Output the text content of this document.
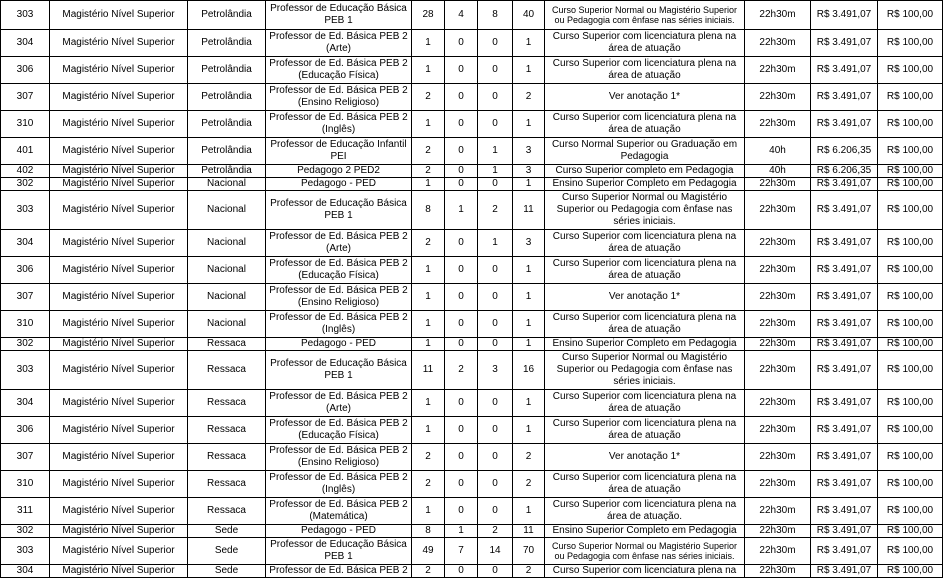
303	Magistério Nível Superior	Petrolândia	Professor de Educação Básica PEB 1	28	4	8	40	Curso Superior Normal ou Magistério Superior ou Pedagogia com ênfase nas séries iniciais.	22h30m	R$ 3.491,07	R$ 100,00
304	Magistério Nível Superior	Petrolândia	Professor de Ed. Básica PEB 2 (Arte)	1	0	0	1	Curso Superior com licenciatura plena na área de atuação	22h30m	R$ 3.491,07	R$ 100,00
306	Magistério Nível Superior	Petrolândia	Professor de Ed. Básica PEB 2 (Educação Física)	1	0	0	1	Curso Superior com licenciatura plena na área de atuação	22h30m	R$ 3.491,07	R$ 100,00
307	Magistério Nível Superior	Petrolândia	Professor de Ed. Básica PEB 2 (Ensino Religioso)	2	0	0	2	Ver anotação 1*	22h30m	R$ 3.491,07	R$ 100,00
310	Magistério Nível Superior	Petrolândia	Professor de Ed. Básica PEB 2 (Inglês)	1	0	0	1	Curso Superior com licenciatura plena na área de atuação	22h30m	R$ 3.491,07	R$ 100,00
401	Magistério Nível Superior	Petrolândia	Professor de Educação Infantil PEI	2	0	1	3	Curso Normal Superior ou Graduação em Pedagogia	40h	R$ 6.206,35	R$ 100,00
402	Magistério Nível Superior	Petrolândia	Pedagogo 2 PED2	2	0	1	3	Curso Superior completo em Pedagogia	40h	R$ 6.206,35	R$ 100,00
302	Magistério Nível Superior	Nacional	Pedagogo - PED	1	0	0	1	Ensino Superior Completo em Pedagogia	22h30m	R$ 3.491,07	R$ 100,00
303	Magistério Nível Superior	Nacional	Professor de Educação Básica PEB 1	8	1	2	11	Curso Superior Normal ou Magistério Superior ou Pedagogia com ênfase nas séries iniciais.	22h30m	R$ 3.491,07	R$ 100,00
304	Magistério Nível Superior	Nacional	Professor de Ed. Básica PEB 2 (Arte)	2	0	1	3	Curso Superior com licenciatura plena na área de atuação	22h30m	R$ 3.491,07	R$ 100,00
306	Magistério Nível Superior	Nacional	Professor de Ed. Básica PEB 2 (Educação Física)	1	0	0	1	Curso Superior com licenciatura plena na área de atuação	22h30m	R$ 3.491,07	R$ 100,00
307	Magistério Nível Superior	Nacional	Professor de Ed. Básica PEB 2 (Ensino Religioso)	1	0	0	1	Ver anotação 1*	22h30m	R$ 3.491,07	R$ 100,00
310	Magistério Nível Superior	Nacional	Professor de Ed. Básica PEB 2 (Inglês)	1	0	0	1	Curso Superior com licenciatura plena na área de atuação	22h30m	R$ 3.491,07	R$ 100,00
302	Magistério Nível Superior	Ressaca	Pedagogo - PED	1	0	0	1	Ensino Superior Completo em Pedagogia	22h30m	R$ 3.491,07	R$ 100,00
303	Magistério Nível Superior	Ressaca	Professor de Educação Básica PEB 1	11	2	3	16	Curso Superior Normal ou Magistério Superior ou Pedagogia com ênfase nas séries iniciais.	22h30m	R$ 3.491,07	R$ 100,00
304	Magistério Nível Superior	Ressaca	Professor de Ed. Básica PEB 2 (Arte)	1	0	0	1	Curso Superior com licenciatura plena na área de atuação	22h30m	R$ 3.491,07	R$ 100,00
306	Magistério Nível Superior	Ressaca	Professor de Ed. Básica PEB 2 (Educação Física)	1	0	0	1	Curso Superior com licenciatura plena na área de atuação	22h30m	R$ 3.491,07	R$ 100,00
307	Magistério Nível Superior	Ressaca	Professor de Ed. Básica PEB 2 (Ensino Religioso)	2	0	0	2	Ver anotação 1*	22h30m	R$ 3.491,07	R$ 100,00
310	Magistério Nível Superior	Ressaca	Professor de Ed. Básica PEB 2 (Inglês)	2	0	0	2	Curso Superior com licenciatura plena na área de atuação	22h30m	R$ 3.491,07	R$ 100,00
311	Magistério Nível Superior	Ressaca	Professor de Ed. Básica PEB 2 (Matemática)	1	0	0	1	Curso Superior com licenciatura plena na área de atuação.	22h30m	R$ 3.491,07	R$ 100,00
302	Magistério Nível Superior	Sede	Pedagogo - PED	8	1	2	11	Ensino Superior Completo em Pedagogia	22h30m	R$ 3.491,07	R$ 100,00
303	Magistério Nível Superior	Sede	Professor de Educação Básica PEB 1	49	7	14	70	Curso Superior Normal ou Magistério Superior ou Pedagogia com ênfase nas séries iniciais.	22h30m	R$ 3.491,07	R$ 100,00
304	Magistério Nível Superior	Sede	Professor de Ed. Básica PEB 2	2	0	0	2	Curso Superior com licenciatura plena na	22h30m	R$ 3.491,07	R$ 100,00
